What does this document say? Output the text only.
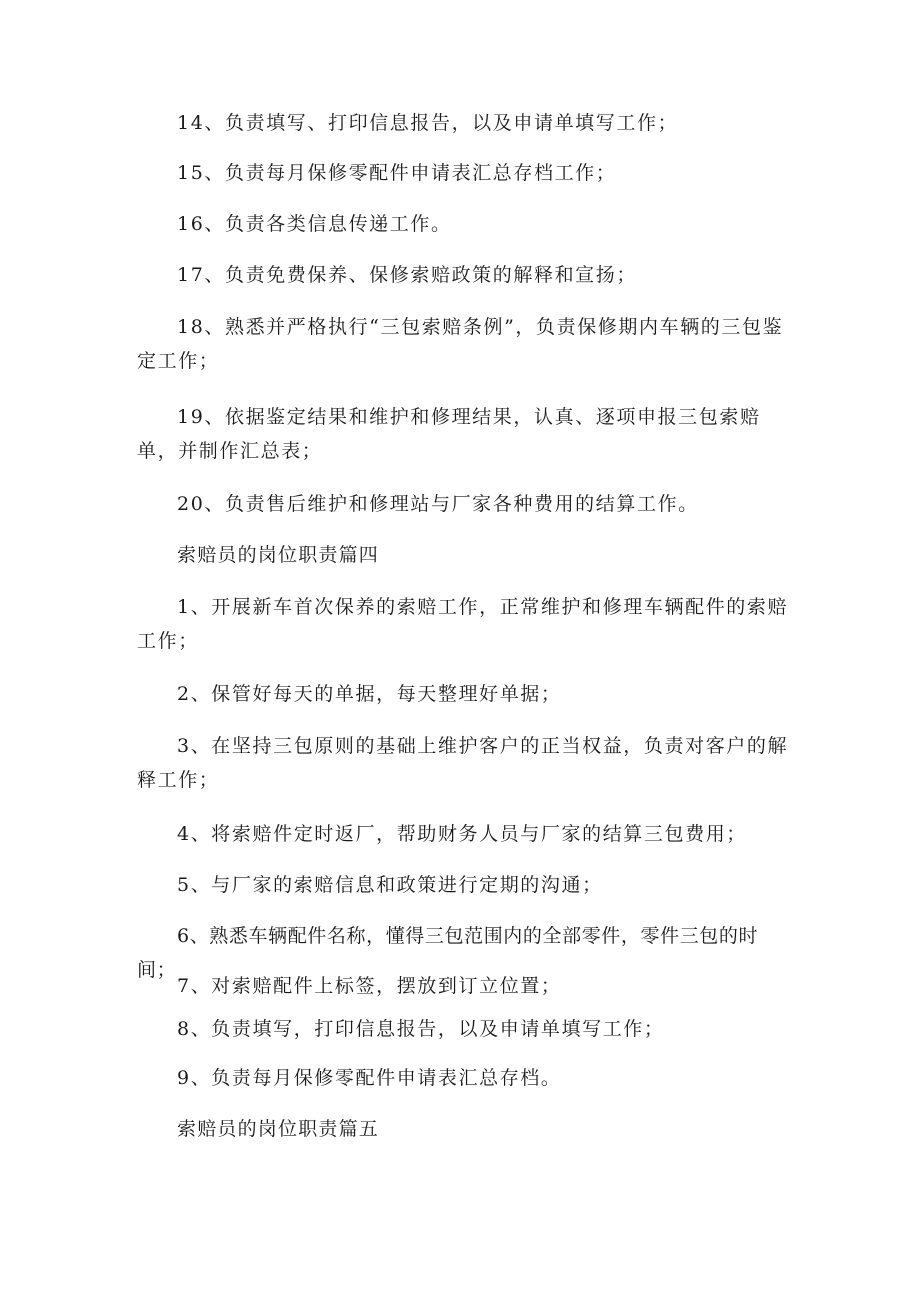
14、负责填写、打印信息报告，以及申请单填写工作；

15、负责每月保修零配件申请表汇总存档工作；

16、负责各类信息传递工作。

17、负责免费保养、保修索赔政策的解释和宣扬；

18、熟悉并严格执行“三包索赔条例”，负责保修期内车辆的三包鉴定工作；

19、依据鉴定结果和维护和修理结果，认真、逐项申报三包索赔单，并制作汇总表；

20、负责售后维护和修理站与厂家各种费用的结算工作。

索赔员的岗位职责篇四

1、开展新车首次保养的索赔工作，正常维护和修理车辆配件的索赔工作；

2、保管好每天的单据，每天整理好单据；

3、在坚持三包原则的基础上维护客户的正当权益，负责对客户的解释工作；

4、将索赔件定时返厂，帮助财务人员与厂家的结算三包费用；

5、与厂家的索赔信息和政策进行定期的沟通；

6、熟悉车辆配件名称，懂得三包范围内的全部零件，零件三包的时间；

7、对索赔配件上标签，摆放到订立位置；

8、负责填写，打印信息报告，以及申请单填写工作；

9、负责每月保修零配件申请表汇总存档。

索赔员的岗位职责篇五
